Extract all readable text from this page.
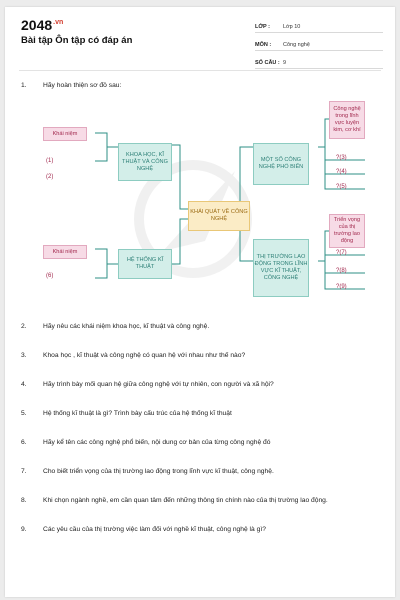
$2048^{.vn}$
Bài tập Ôn tập có đáp án
LỚP :	Lớp 10
MÔN :	Công nghệ
SỐ CÂU : 9
1. Hãy hoàn thiện sơ đồ sau:
Khái niệm
(1)
(2)
KHOA HỌC, KĨ THUẬT VÀ CÔNG NGHỆ
KHÁI QUÁT VỀ CÔNG NGHỆ
MỘT SỐ CÔNG NGHỆ PHỔ BIẾN
Công nghệ trong lĩnh vực luyện kim, cơ khí
?(3)
?(4)
?(5)
Khái niệm
(6)
HỆ THỐNG KĨ THUẬT
THỊ TRƯỜNG LAO ĐỘNG TRONG LĨNH VỰC KĨ THUẬT, CÔNG NGHỆ
Triển vọng của thị trường lao động
?(7)
?(8)
?(9)
2. Hãy nêu các khái niệm khoa học, kĩ thuật và công nghệ.
3. Khoa học , kĩ thuật và công nghệ có quan hệ với nhau như thế nào?
4. Hãy trình bày mối quan hệ giữa công nghệ với tự nhiên, con người và xã hội?
5. Hệ thống kĩ thuật là gì? Trình bày cấu trúc của hệ thống kĩ thuật
6. Hãy kể tên các công nghệ phổ biến, nội dung cơ bản của từng công nghệ đó
7. Cho biết triển vọng của thị trường lao động trong lĩnh vực kĩ thuật, công nghệ.
8. Khi chọn ngành nghề, em cần quan tâm đến những thông tin chính nào của thị trường lao động.
9. Các yêu cầu của thị trường việc làm đối với nghề kĩ thuật, công nghệ là gì?
